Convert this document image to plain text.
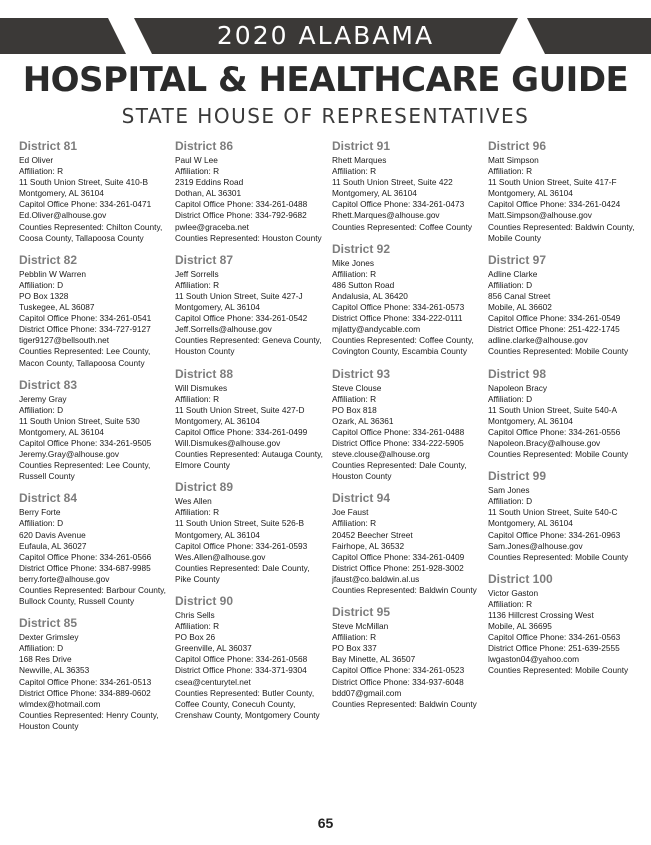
2020 ALABAMA
HOSPITAL & HEALTHCARE GUIDE
STATE HOUSE OF REPRESENTATIVES
District 81
Ed Oliver
Affiliation: R
11 South Union Street, Suite 410-B
Montgomery, AL 36104
Capitol Office Phone: 334-261-0471
Ed.Oliver@alhouse.gov
Counties Represented: Chilton County, Coosa County, Tallapoosa County
District 82
Pebblin W Warren
Affiliation: D
PO Box 1328
Tuskegee, AL 36087
Capitol Office Phone: 334-261-0541
District Office Phone: 334-727-9127
tiger9127@bellsouth.net
Counties Represented: Lee County, Macon County, Tallapoosa County
District 83
Jeremy Gray
Affiliation: D
11 South Union Street, Suite 530
Montgomery, AL 36104
Capitol Office Phone: 334-261-9505
Jeremy.Gray@alhouse.gov
Counties Represented: Lee County, Russell County
District 84
Berry Forte
Affiliation: D
620 Davis Avenue
Eufaula, AL 36027
Capitol Office Phone: 334-261-0566
District Office Phone: 334-687-9985
berry.forte@alhouse.gov
Counties Represented: Barbour County, Bullock County, Russell County
District 85
Dexter Grimsley
Affiliation: D
168 Res Drive
Newville, AL 36353
Capitol Office Phone: 334-261-0513
District Office Phone: 334-889-0602
wlmdex@hotmail.com
Counties Represented: Henry County, Houston County
District 86
Paul W Lee
Affiliation: R
2319 Eddins Road
Dothan, AL 36301
Capitol Office Phone: 334-261-0488
District Office Phone: 334-792-9682
pwlee@graceba.net
Counties Represented: Houston County
District 87
Jeff Sorrells
Affiliation: R
11 South Union Street, Suite 427-J
Montgomery, AL 36104
Capitol Office Phone: 334-261-0542
Jeff.Sorrells@alhouse.gov
Counties Represented: Geneva County, Houston County
District 88
Will Dismukes
Affiliation: R
11 South Union Street, Suite 427-D
Montgomery, AL 36104
Capitol Office Phone: 334-261-0499
Will.Dismukes@alhouse.gov
Counties Represented: Autauga County, Elmore County
District 89
Wes Allen
Affiliation: R
11 South Union Street, Suite 526-B
Montgomery, AL 36104
Capitol Office Phone: 334-261-0593
Wes.Allen@alhouse.gov
Counties Represented: Dale County, Pike County
District 90
Chris Sells
Affiliation: R
PO Box 26
Greenville, AL 36037
Capitol Office Phone: 334-261-0568
District Office Phone: 334-371-9304
csea@centurytel.net
Counties Represented: Butler County, Coffee County, Conecuh County, Crenshaw County, Montgomery County
District 91
Rhett Marques
Affiliation: R
11 South Union Street, Suite 422
Montgomery, AL 36104
Capitol Office Phone: 334-261-0473
Rhett.Marques@alhouse.gov
Counties Represented: Coffee County
District 92
Mike Jones
Affiliation: R
486 Sutton Road
Andalusia, AL 36420
Capitol Office Phone: 334-261-0573
District Office Phone: 334-222-0111
mjlatty@andycable.com
Counties Represented: Coffee County, Covington County, Escambia County
District 93
Steve Clouse
Affiliation: R
PO Box 818
Ozark, AL 36361
Capitol Office Phone: 334-261-0488
District Office Phone: 334-222-5905
steve.clouse@alhouse.org
Counties Represented: Dale County, Houston County
District 94
Joe Faust
Affiliation: R
20452 Beecher Street
Fairhope, AL 36532
Capitol Office Phone: 334-261-0409
District Office Phone: 251-928-3002
jfaust@co.baldwin.al.us
Counties Represented: Baldwin County
District 95
Steve McMillan
Affiliation: R
PO Box 337
Bay Minette, AL 36507
Capitol Office Phone: 334-261-0523
District Office Phone: 334-937-6048
bdd07@gmail.com
Counties Represented: Baldwin County
District 96
Matt Simpson
Affiliation: R
11 South Union Street, Suite 417-F
Montgomery, AL 36104
Capitol Office Phone: 334-261-0424
Matt.Simpson@alhouse.gov
Counties Represented: Baldwin County, Mobile County
District 97
Adline Clarke
Affiliation: D
856 Canal Street
Mobile, AL 36602
Capitol Office Phone: 334-261-0549
District Office Phone: 251-422-1745
adline.clarke@alhouse.gov
Counties Represented: Mobile County
District 98
Napoleon Bracy
Affiliation: D
11 South Union Street, Suite 540-A
Montgomery, AL 36104
Capitol Office Phone: 334-261-0556
Napoleon.Bracy@alhouse.gov
Counties Represented: Mobile County
District 99
Sam Jones
Affiliation: D
11 South Union Street, Suite 540-C
Montgomery, AL 36104
Capitol Office Phone: 334-261-0963
Sam.Jones@alhouse.gov
Counties Represented: Mobile County
District 100
Victor Gaston
Affiliation: R
1136 Hillcrest Crossing West
Mobile, AL 36695
Capitol Office Phone: 334-261-0563
District Office Phone: 251-639-2555
lwgaston04@yahoo.com
Counties Represented: Mobile County
65
